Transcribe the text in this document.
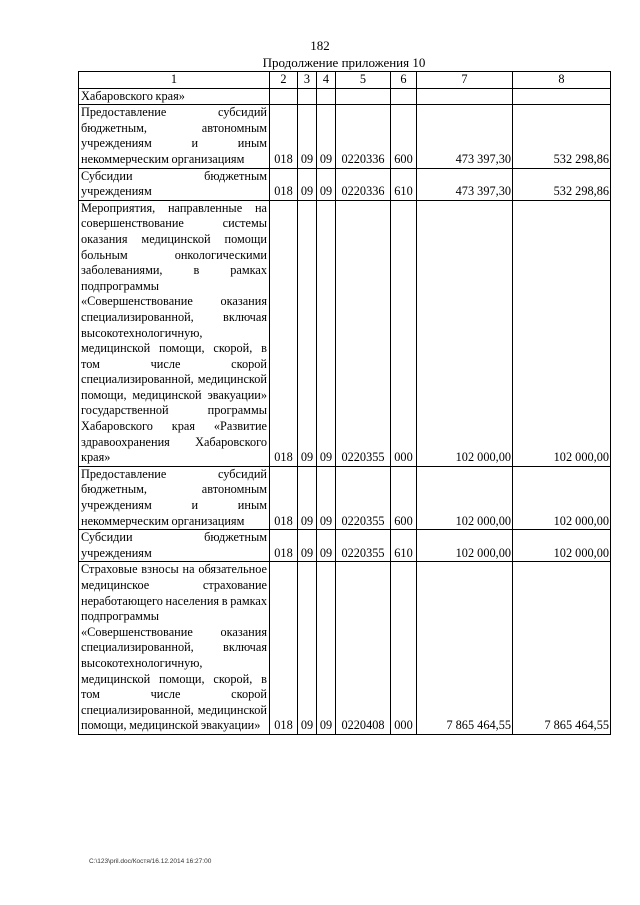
182
Продолжение приложения 10
1	2	3	4	5	6	7	8
Хабаровского края»							
Предоставление субсидий бюджетным, автономным учреждениям и иным некоммерческим организациям	018	09	09	0220336	600	473 397,30	532 298,86
Субсидии бюджетным учреждениям	018	09	09	0220336	610	473 397,30	532 298,86
Мероприятия, направленные на совершенствование системы оказания медицинской помощи больным онкологическими заболеваниями, в рамках подпрограммы «Совершенствование оказания специализированной, включая высокотехнологичную, медицинской помощи, скорой, в том числе скорой специализированной, медицинской помощи, медицинской эвакуации» государственной программы Хабаровского края «Развитие здравоохранения Хабаровского края»	018	09	09	0220355	000	102 000,00	102 000,00
Предоставление субсидий бюджетным, автономным учреждениям и иным некоммерческим организациям	018	09	09	0220355	600	102 000,00	102 000,00
Субсидии бюджетным учреждениям	018	09	09	0220355	610	102 000,00	102 000,00
Страховые взносы на обязательное медицинское страхование неработающего населения в рамках подпрограммы «Совершенствование оказания специализированной, включая высокотехнологичную, медицинской помощи, скорой, в том числе скорой специализированной, медицинской помощи, медицинской эвакуации»	018	09	09	0220408	000	7 865 464,55	7 865 464,55
C:\123\pril.doc/Костя/16.12.2014 16:27:00
